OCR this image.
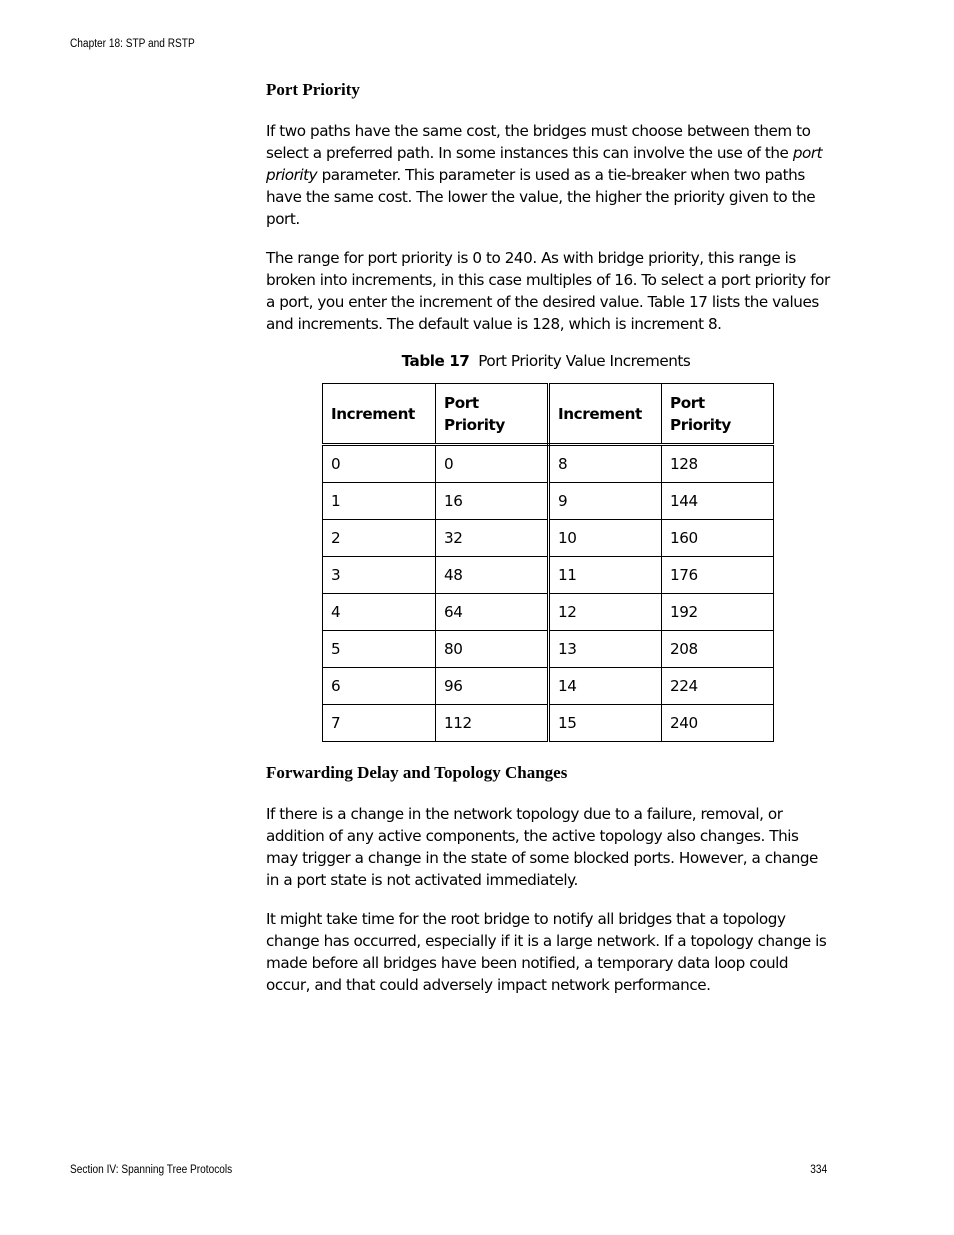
Chapter 18: STP and RSTP
Port Priority

If two paths have the same cost, the bridges must choose between them to select a preferred path. In some instances this can involve the use of the port priority parameter. This parameter is used as a tie-breaker when two paths have the same cost. The lower the value, the higher the priority given to the port.

The range for port priority is 0 to 240. As with bridge priority, this range is broken into increments, in this case multiples of 16. To select a port priority for a port, you enter the increment of the desired value. Table 17 lists the values and increments. The default value is 128, which is increment 8.

Table 17 Port Priority Value Increments
Increment	Port Priority	Increment	Port Priority
0	0	8	128
1	16	9	144
2	32	10	160
3	48	11	176
4	64	12	192
5	80	13	208
6	96	14	224
7	112	15	240
Forwarding Delay and Topology Changes

If there is a change in the network topology due to a failure, removal, or addition of any active components, the active topology also changes. This may trigger a change in the state of some blocked ports. However, a change in a port state is not activated immediately.

It might take time for the root bridge to notify all bridges that a topology change has occurred, especially if it is a large network. If a topology change is made before all bridges have been notified, a temporary data loop could occur, and that could adversely impact network performance.

Section IV: Spanning Tree Protocols	334
